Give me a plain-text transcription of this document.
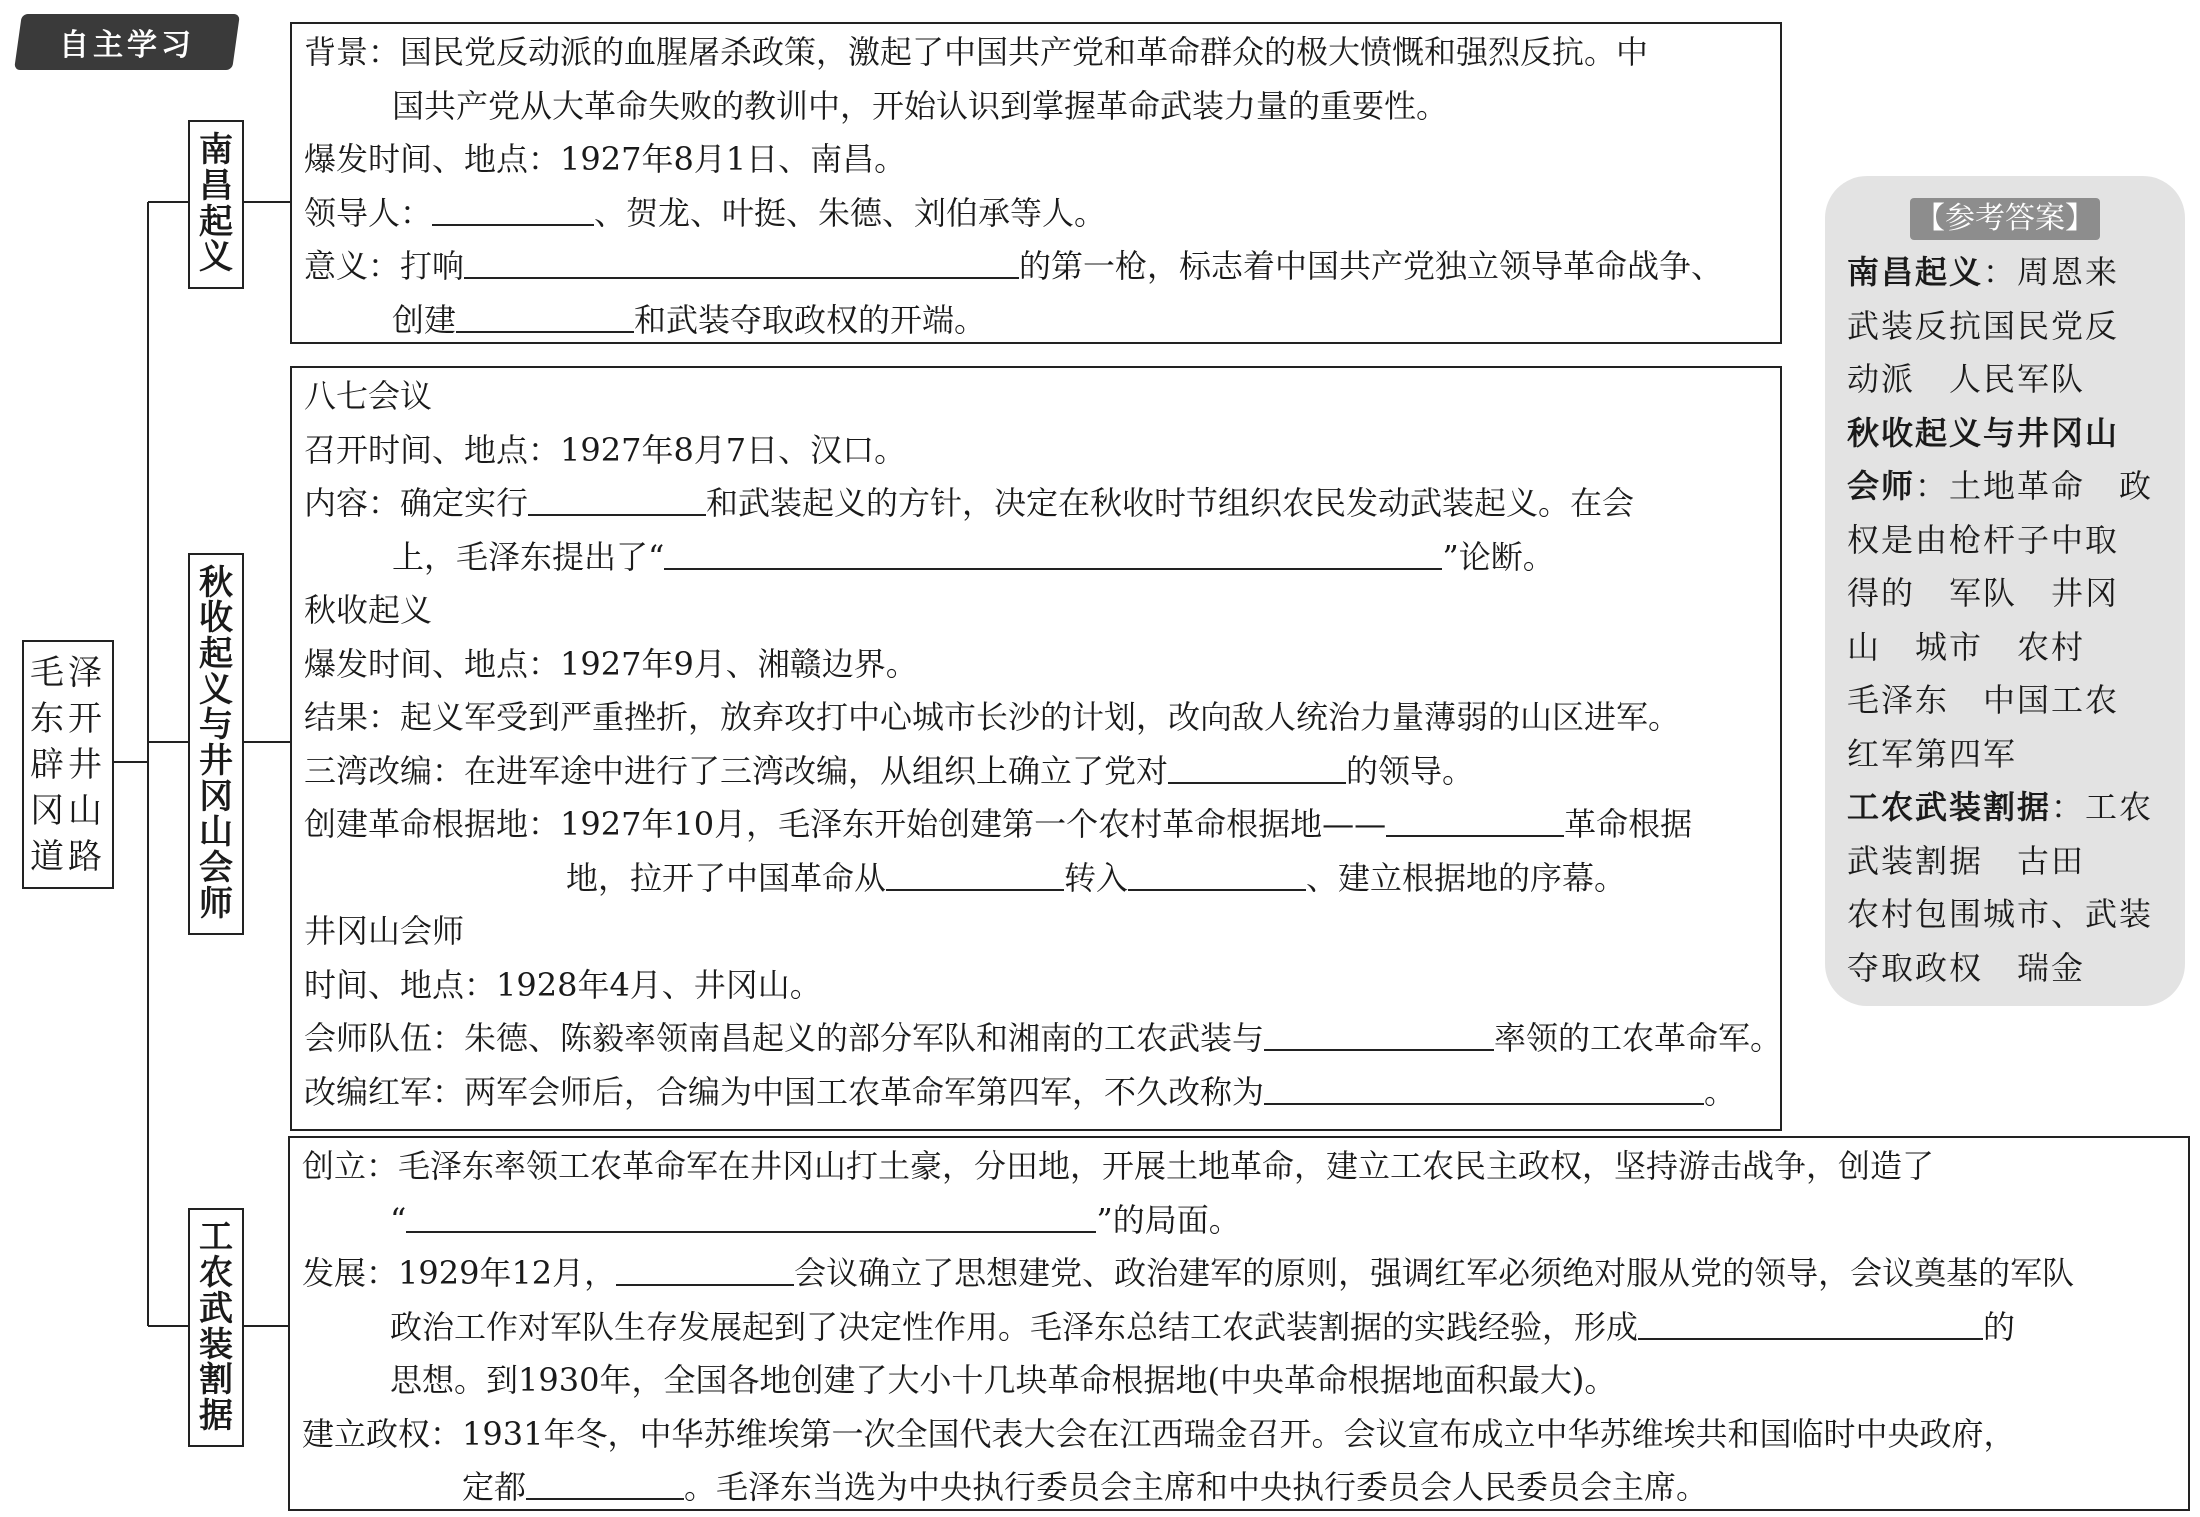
自主学习
毛泽
东开
辟井
冈山
道路
南
昌
起
义
秋
收
起
义
与
井
冈
山
会
师
工
农
武
装
割
据
背景：国民党反动派的血腥屠杀政策，激起了中国共产党和革命群众的极大愤慨和强烈反抗。中
国共产党从大革命失败的教训中，开始认识到掌握革命武装力量的重要性。
爆发时间、地点：1927年8月1日、南昌。
领导人：	、贺龙、叶挺、朱德、刘伯承等人。
意义：打响	的第一枪，标志着中国共产党独立领导革命战争、
创建	和武装夺取政权的开端。
八七会议
召开时间、地点：1927年8月7日、汉口。
内容：确定实行	和武装起义的方针，决定在秋收时节组织农民发动武装起义。在会
上，毛泽东提出了“	”论断。
秋收起义
爆发时间、地点：1927年9月、湘赣边界。
结果：起义军受到严重挫折，放弃攻打中心城市长沙的计划，改向敌人统治力量薄弱的山区进军。
三湾改编：在进军途中进行了三湾改编，从组织上确立了党对	的领导。
创建革命根据地：1927年10月，毛泽东开始创建第一个农村革命根据地——	革命根据
地，拉开了中国革命从	转入	、建立根据地的序幕。
井冈山会师
时间、地点：1928年4月、井冈山。
会师队伍：朱德、陈毅率领南昌起义的部分军队和湘南的工农武装与	率领的工农革命军。
改编红军：两军会师后，合编为中国工农革命军第四军，不久改称为	。
创立：毛泽东率领工农革命军在井冈山打土豪，分田地，开展土地革命，建立工农民主政权，坚持游击战争，创造了
“	”的局面。
发展：1929年12月，	会议确立了思想建党、政治建军的原则，强调红军必须绝对服从党的领导，会议奠基的军队
政治工作对军队生存发展起到了决定性作用。毛泽东总结工农武装割据的实践经验，形成	的
思想。到1930年，全国各地创建了大小十几块革命根据地(中央革命根据地面积最大)。
建立政权：1931年冬，中华苏维埃第一次全国代表大会在江西瑞金召开。会议宣布成立中华苏维埃共和国临时中央政府，
定都	。毛泽东当选为中央执行委员会主席和中央执行委员会人民委员会主席。
【参考答案】
南昌起义：周恩来
武装反抗国民党反
动派　人民军队
秋收起义与井冈山
会师：土地革命　政
权是由枪杆子中取
得的　军队　井冈
山　城市　农村
毛泽东　中国工农
红军第四军
工农武装割据：工农
武装割据　古田
农村包围城市、武装
夺取政权　瑞金
